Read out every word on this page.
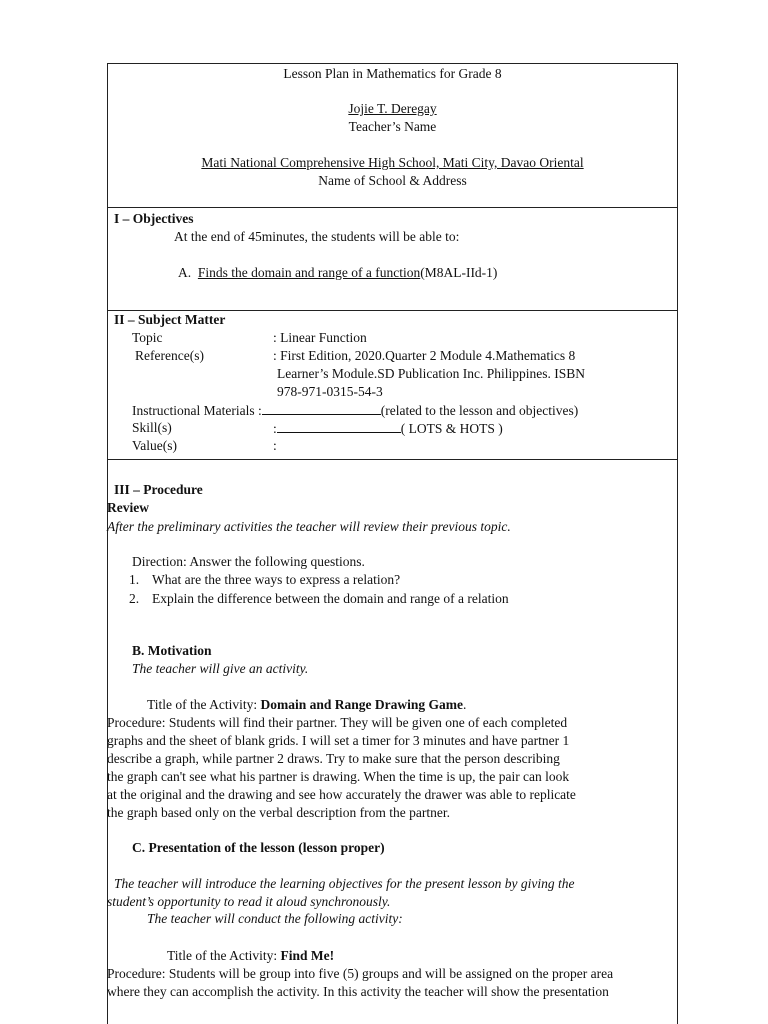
Lesson Plan in Mathematics for Grade 8
Jojie T. Deregay
Teacher’s Name
Mati National Comprehensive High School, Mati City, Davao Oriental
Name of School & Address
I – Objectives
At the end of 45minutes, the students will be able to:
A. Finds the domain and range of a function(M8AL-IId-1)
II – Subject Matter
Topic	: Linear Function
Reference(s)	: First Edition, 2020.Quarter 2 Module 4.Mathematics 8
Learner’s Module.SD Publication Inc. Philippines. ISBN
978-971-0315-54-3
Instructional Materials :	(related to the lesson and objectives)
Skill(s)	:	( LOTS & HOTS )
Value(s)	:
III – Procedure
Review
After the preliminary activities the teacher will review their previous topic.
Direction: Answer the following questions.
1. What are the three ways to express a relation?
2. Explain the difference between the domain and range of a relation
B. Motivation
The teacher will give an activity.
Title of the Activity: Domain and Range Drawing Game.
Procedure: Students will find their partner. They will be given one of each completed
graphs and the sheet of blank grids. I will set a timer for 3 minutes and have partner 1
describe a graph, while partner 2 draws. Try to make sure that the person describing
the graph can't see what his partner is drawing. When the time is up, the pair can look
at the original and the drawing and see how accurately the drawer was able to replicate
the graph based only on the verbal description from the partner.
C. Presentation of the lesson (lesson proper)
The teacher will introduce the learning objectives for the present lesson by giving the
student’s opportunity to read it aloud synchronously.
The teacher will conduct the following activity:
Title of the Activity: Find Me!
Procedure: Students will be group into five (5) groups and will be assigned on the proper area
where they can accomplish the activity. In this activity the teacher will show the presentation
